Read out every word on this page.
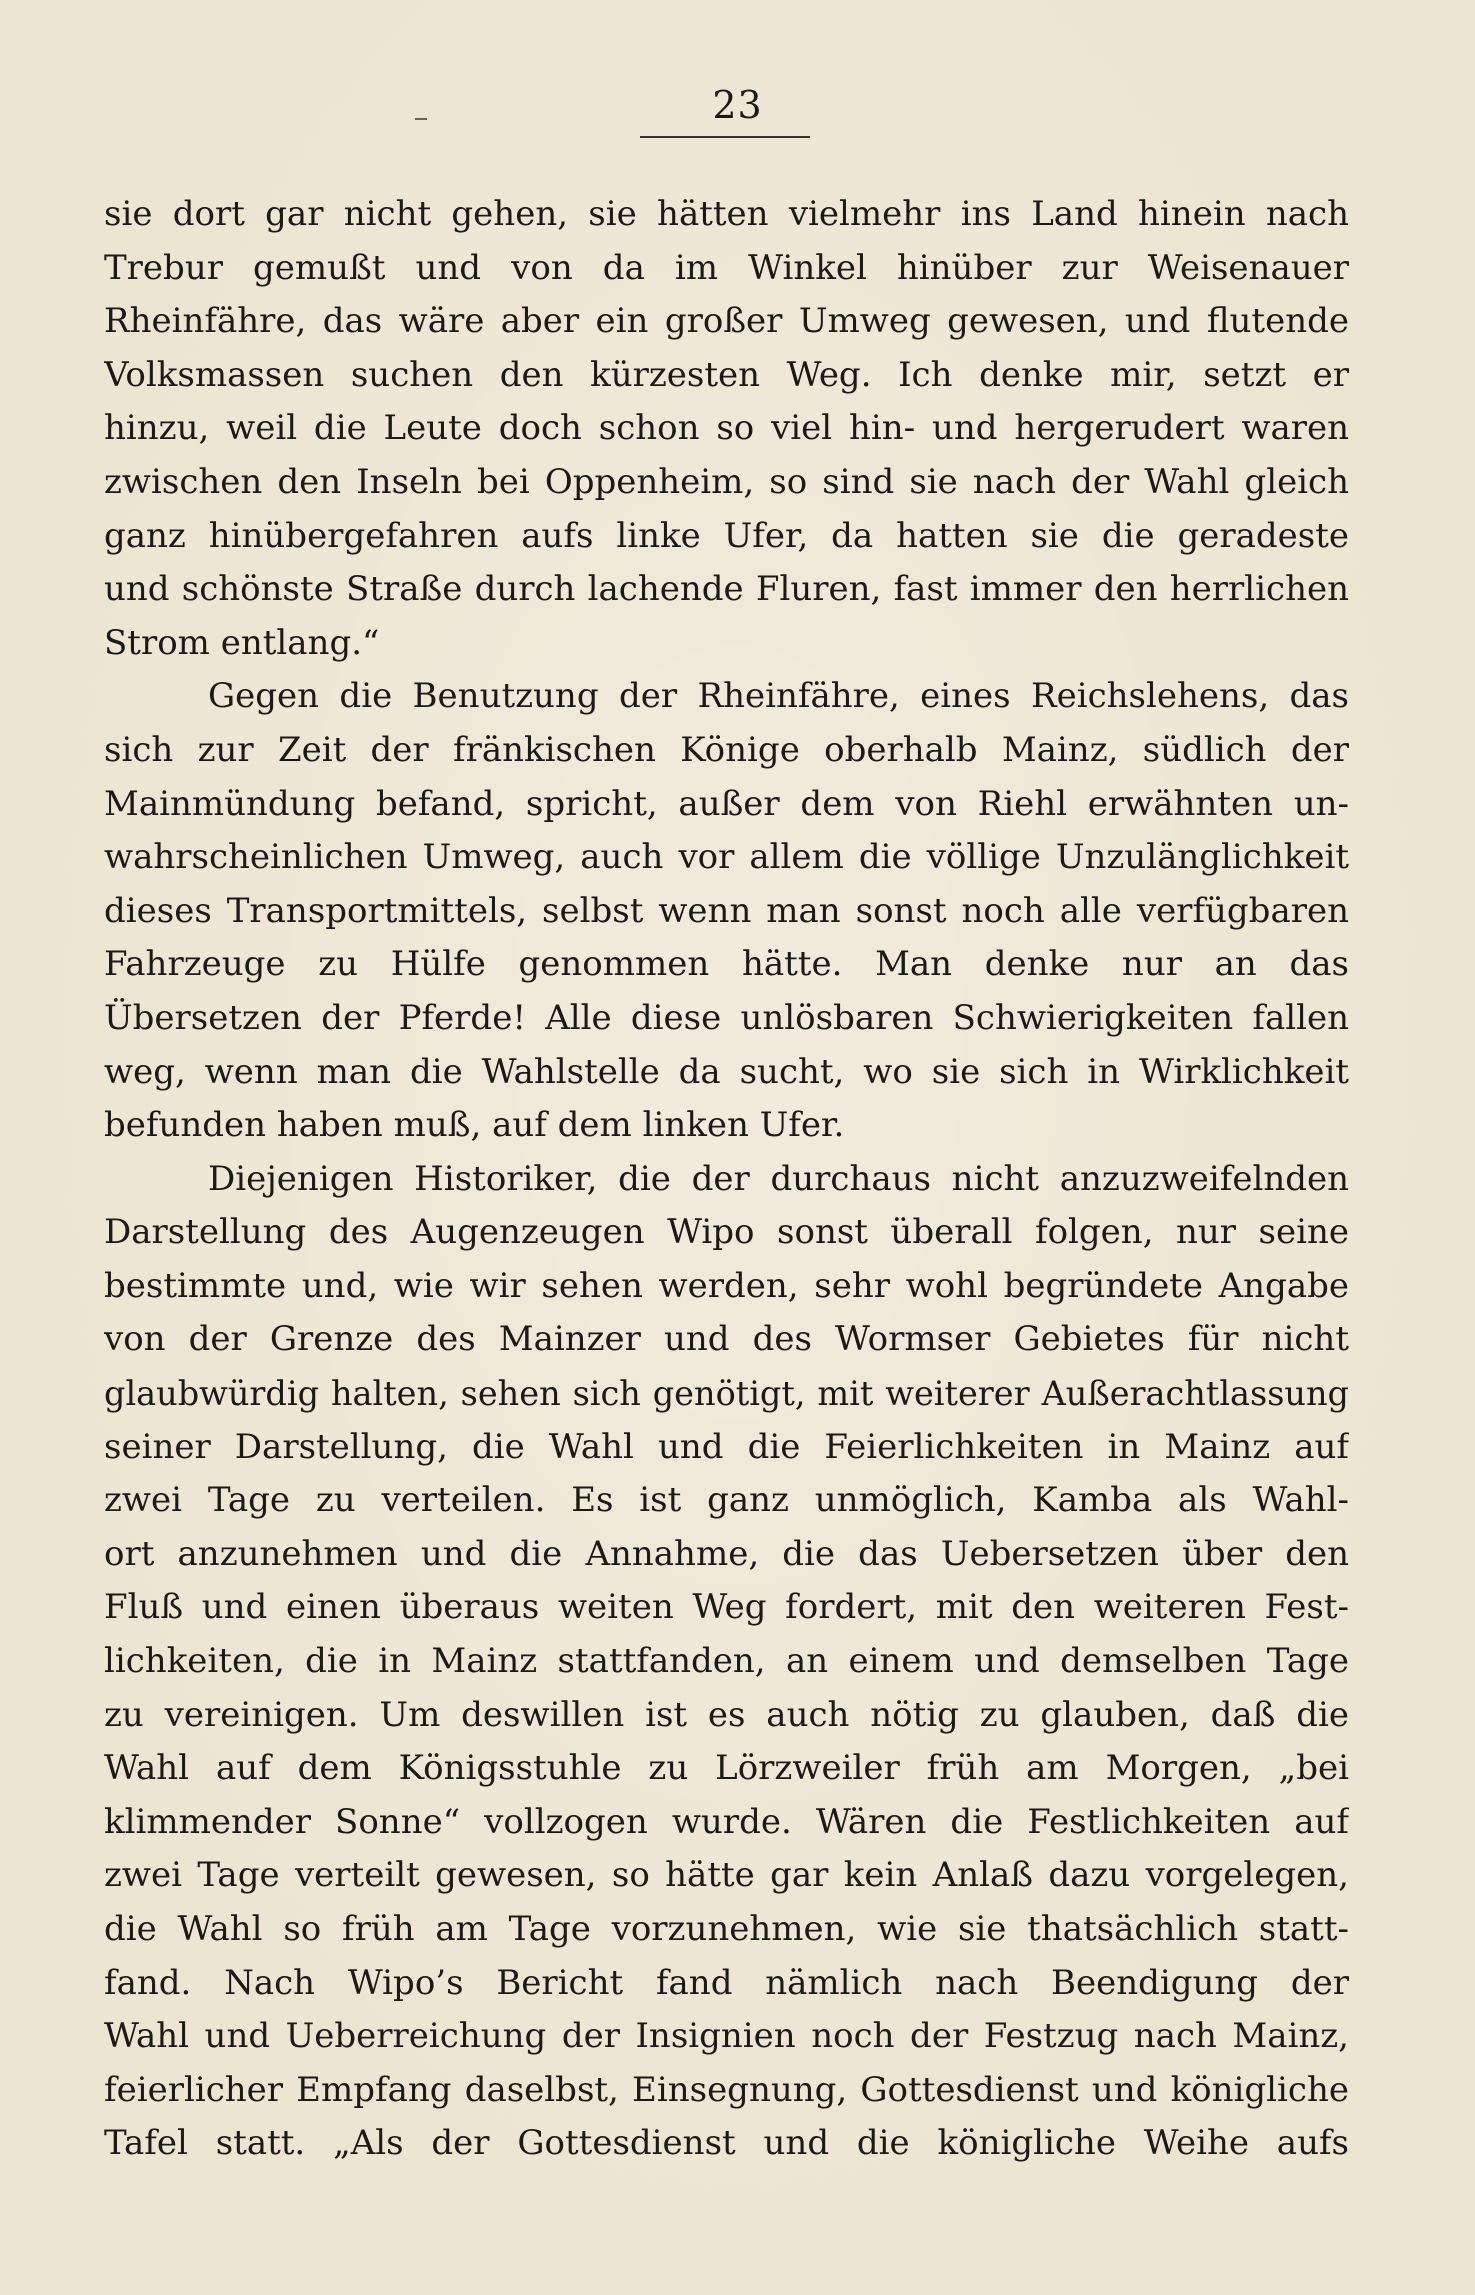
23
sie dort gar nicht gehen, sie hätten vielmehr ins Land hinein nach
Trebur gemußt und von da im Winkel hinüber zur Weisenauer
Rheinfähre, das wäre aber ein großer Umweg gewesen, und flutende
Volksmassen suchen den kürzesten Weg. Ich denke mir, setzt er
hinzu, weil die Leute doch schon so viel hin- und hergerudert waren
zwischen den Inseln bei Oppenheim, so sind sie nach der Wahl gleich
ganz hinübergefahren aufs linke Ufer, da hatten sie die geradeste
und schönste Straße durch lachende Fluren, fast immer den herrlichen
Strom entlang.“
Gegen die Benutzung der Rheinfähre, eines Reichslehens, das
sich zur Zeit der fränkischen Könige oberhalb Mainz, südlich der
Mainmündung befand, spricht, außer dem von Riehl erwähnten un-
wahrscheinlichen Umweg, auch vor allem die völlige Unzulänglichkeit
dieses Transportmittels, selbst wenn man sonst noch alle verfügbaren
Fahrzeuge zu Hülfe genommen hätte. Man denke nur an das
Übersetzen der Pferde! Alle diese unlösbaren Schwierigkeiten fallen
weg, wenn man die Wahlstelle da sucht, wo sie sich in Wirklichkeit
befunden haben muß, auf dem linken Ufer.
Diejenigen Historiker, die der durchaus nicht anzuzweifelnden
Darstellung des Augenzeugen Wipo sonst überall folgen, nur seine
bestimmte und, wie wir sehen werden, sehr wohl begründete Angabe
von der Grenze des Mainzer und des Wormser Gebietes für nicht
glaubwürdig halten, sehen sich genötigt, mit weiterer Außerachtlassung
seiner Darstellung, die Wahl und die Feierlichkeiten in Mainz auf
zwei Tage zu verteilen. Es ist ganz unmöglich, Kamba als Wahl-
ort anzunehmen und die Annahme, die das Uebersetzen über den
Fluß und einen überaus weiten Weg fordert, mit den weiteren Fest-
lichkeiten, die in Mainz stattfanden, an einem und demselben Tage
zu vereinigen. Um deswillen ist es auch nötig zu glauben, daß die
Wahl auf dem Königsstuhle zu Lörzweiler früh am Morgen, „bei
klimmender Sonne“ vollzogen wurde. Wären die Festlichkeiten auf
zwei Tage verteilt gewesen, so hätte gar kein Anlaß dazu vorgelegen,
die Wahl so früh am Tage vorzunehmen, wie sie thatsächlich statt-
fand. Nach Wipo’s Bericht fand nämlich nach Beendigung der
Wahl und Ueberreichung der Insignien noch der Festzug nach Mainz,
feierlicher Empfang daselbst, Einsegnung, Gottesdienst und königliche
Tafel statt. „Als der Gottesdienst und die königliche Weihe aufs
